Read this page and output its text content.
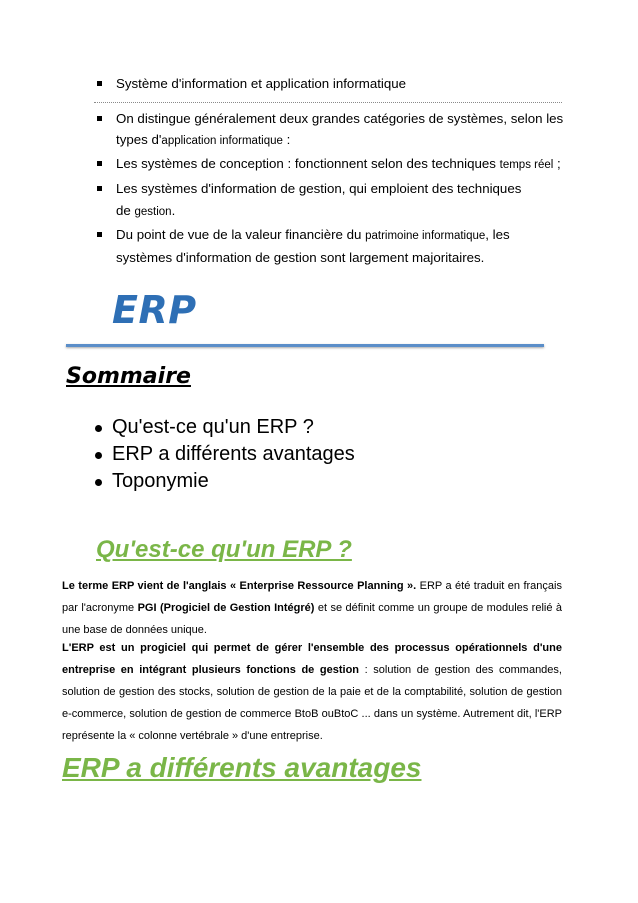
Système d'information et application informatique
On distingue généralement deux grandes catégories de systèmes, selon les
types d'application informatique :
Les systèmes de conception : fonctionnent selon des techniques temps réel ;
Les systèmes d'information de gestion, qui emploient des techniques
de gestion.
Du point de vue de la valeur financière du patrimoine informatique, les
systèmes d'information de gestion sont largement majoritaires.
ERP
Sommaire
Qu'est-ce qu'un ERP ?
ERP a différents avantages
Toponymie
Qu'est-ce qu'un ERP ?
Le terme ERP vient de l'anglais « Enterprise Ressource Planning ». ERP a été traduit en français par l'acronyme PGI (Progiciel de Gestion Intégré) et se définit comme un groupe de modules relié à une base de données unique.
L'ERP est un progiciel qui permet de gérer l'ensemble des processus opérationnels d'une entreprise en intégrant plusieurs fonctions de gestion : solution de gestion des commandes, solution de gestion des stocks, solution de gestion de la paie et de la comptabilité, solution de gestion e-commerce, solution de gestion de commerce BtoB ouBtoC ... dans un système. Autrement dit, l'ERP représente la « colonne vertébrale » d'une entreprise.
ERP a différents avantages
